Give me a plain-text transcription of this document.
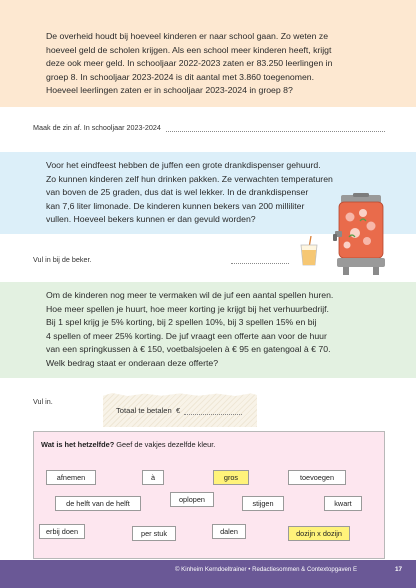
De overheid houdt bij hoeveel kinderen er naar school gaan. Zo weten ze
hoeveel geld de scholen krijgen. Als een school meer kinderen heeft, krijgt
deze ook meer geld. In schooljaar 2022-2023 zaten er 83.250 leerlingen in
groep 8. In schooljaar 2023-2024 is dit aantal met 3.860 toegenomen.
Hoeveel leerlingen zaten er in schooljaar 2023-2024 in groep 8?
Maak de zin af. In schooljaar 2023-2024
Voor het eindfeest hebben de juffen een grote drankdispenser gehuurd.
Zo kunnen kinderen zelf hun drinken pakken. Ze verwachten temperaturen
van boven de 25 graden, dus dat is wel lekker. In de drankdispenser
kan 7,6 liter limonade. De kinderen kunnen bekers van 200 milliliter
vullen. Hoeveel bekers kunnen er dan gevuld worden?
Vul in bij de beker.
Om de kinderen nog meer te vermaken wil de juf een aantal spellen huren.
Hoe meer spellen je huurt, hoe meer korting je krijgt bij het verhuurbedrijf.
Bij 1 spel krijg je 5% korting, bij 2 spellen 10%, bij 3 spellen 15% en bij
4 spellen of meer 25% korting. De juf vraagt een offerte aan voor de huur
van een springkussen à € 150, voetbalsjoelen à € 95 en gatengoal à € 70.
Welk bedrag staat er onderaan deze offerte?
Vul in.
Totaal te betalen €
Wat is het hetzelfde? Geef de vakjes dezelfde kleur.
afnemen	à	gros	toevoegen
de helft van de helft	oplopen	stijgen	kwart
erbij doen	per stuk	dalen	dozijn x dozijn
© Kinheim Kerndoeltrainer • Redactiesommen & Contextopgaven E	17
